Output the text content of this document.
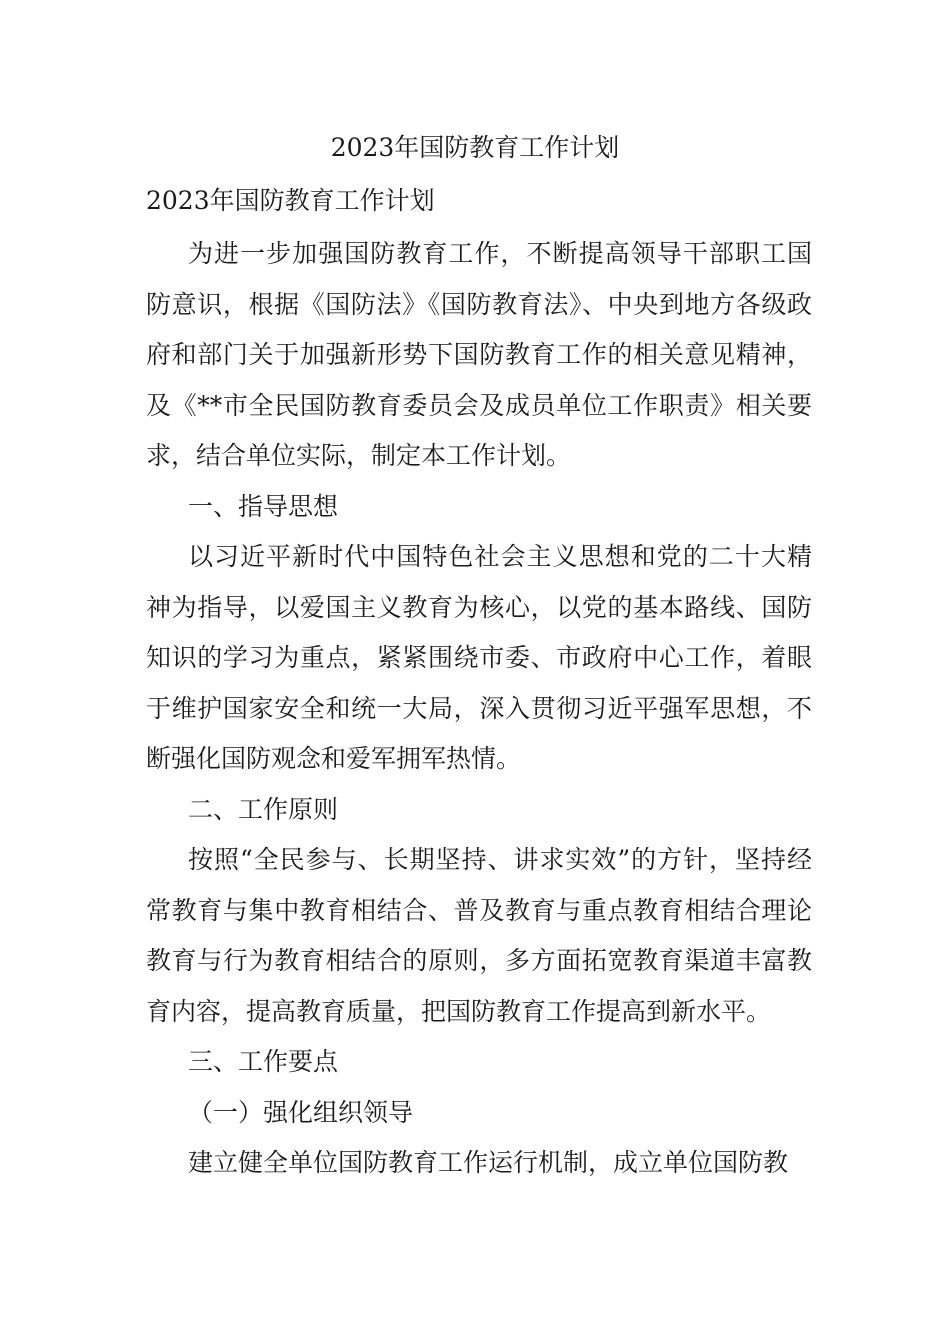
2023年国防教育工作计划
2023年国防教育工作计划

为进一步加强国防教育工作，不断提高领导干部职工国防意识，根据《国防法》《国防教育法》、中央到地方各级政府和部门关于加强新形势下国防教育工作的相关意见精神，及《**市全民国防教育委员会及成员单位工作职责》相关要求，结合单位实际，制定本工作计划。

一、指导思想

以习近平新时代中国特色社会主义思想和党的二十大精神为指导，以爱国主义教育为核心，以党的基本路线、国防知识的学习为重点，紧紧围绕市委、市政府中心工作，着眼于维护国家安全和统一大局，深入贯彻习近平强军思想，不断强化国防观念和爱军拥军热情。

二、工作原则

按照“全民参与、长期坚持、讲求实效”的方针，坚持经常教育与集中教育相结合、普及教育与重点教育相结合理论教育与行为教育相结合的原则，多方面拓宽教育渠道丰富教育内容，提高教育质量，把国防教育工作提高到新水平。

三、工作要点

（一）强化组织领导

建立健全单位国防教育工作运行机制，成立单位国防教
